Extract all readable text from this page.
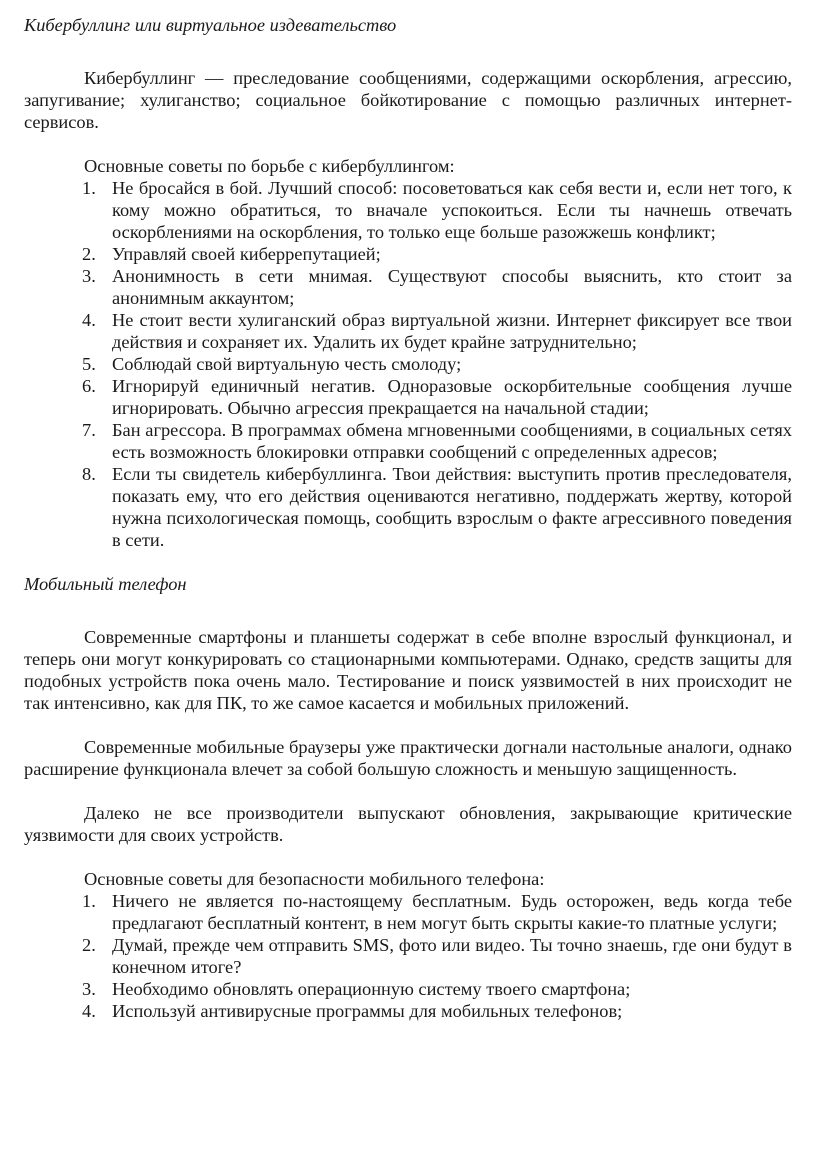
Кибербуллинг или виртуальное издевательство

Кибербуллинг — преследование сообщениями, содержащими оскорбления, агрессию, запугивание; хулиганство; социальное бойкотирование с помощью различных интернет-сервисов.

Основные советы по борьбе с кибербуллингом:

1. Не бросайся в бой. Лучший способ: посоветоваться как себя вести и, если нет того, к кому можно обратиться, то вначале успокоиться. Если ты начнешь отвечать оскорблениями на оскорбления, то только еще больше разожжешь конфликт;
2. Управляй своей киберрепутацией;
3. Анонимность в сети мнимая. Существуют способы выяснить, кто стоит за анонимным аккаунтом;
4. Не стоит вести хулиганский образ виртуальной жизни. Интернет фиксирует все твои действия и сохраняет их. Удалить их будет крайне затруднительно;
5. Соблюдай свой виртуальную честь смолоду;
6. Игнорируй единичный негатив. Одноразовые оскорбительные сообщения лучше игнорировать. Обычно агрессия прекращается на начальной стадии;
7. Бан агрессора. В программах обмена мгновенными сообщениями, в социальных сетях есть возможность блокировки отправки сообщений с определенных адресов;
8. Если ты свидетель кибербуллинга. Твои действия: выступить против преследователя, показать ему, что его действия оцениваются негативно, поддержать жертву, которой нужна психологическая помощь, сообщить взрослым о факте агрессивного поведения в сети.

Мобильный телефон

Современные смартфоны и планшеты содержат в себе вполне взрослый функционал, и теперь они могут конкурировать со стационарными компьютерами. Однако, средств защиты для подобных устройств пока очень мало. Тестирование и поиск уязвимостей в них происходит не так интенсивно, как для ПК, то же самое касается и мобильных приложений.

Современные мобильные браузеры уже практически догнали настольные аналоги, однако расширение функционала влечет за собой большую сложность и меньшую защищенность.

Далеко не все производители выпускают обновления, закрывающие критические уязвимости для своих устройств.

Основные советы для безопасности мобильного телефона:

1. Ничего не является по-настоящему бесплатным. Будь осторожен, ведь когда тебе предлагают бесплатный контент, в нем могут быть скрыты какие-то платные услуги;
2. Думай, прежде чем отправить SMS, фото или видео. Ты точно знаешь, где они будут в конечном итоге?
3. Необходимо обновлять операционную систему твоего смартфона;
4. Используй антивирусные программы для мобильных телефонов;
